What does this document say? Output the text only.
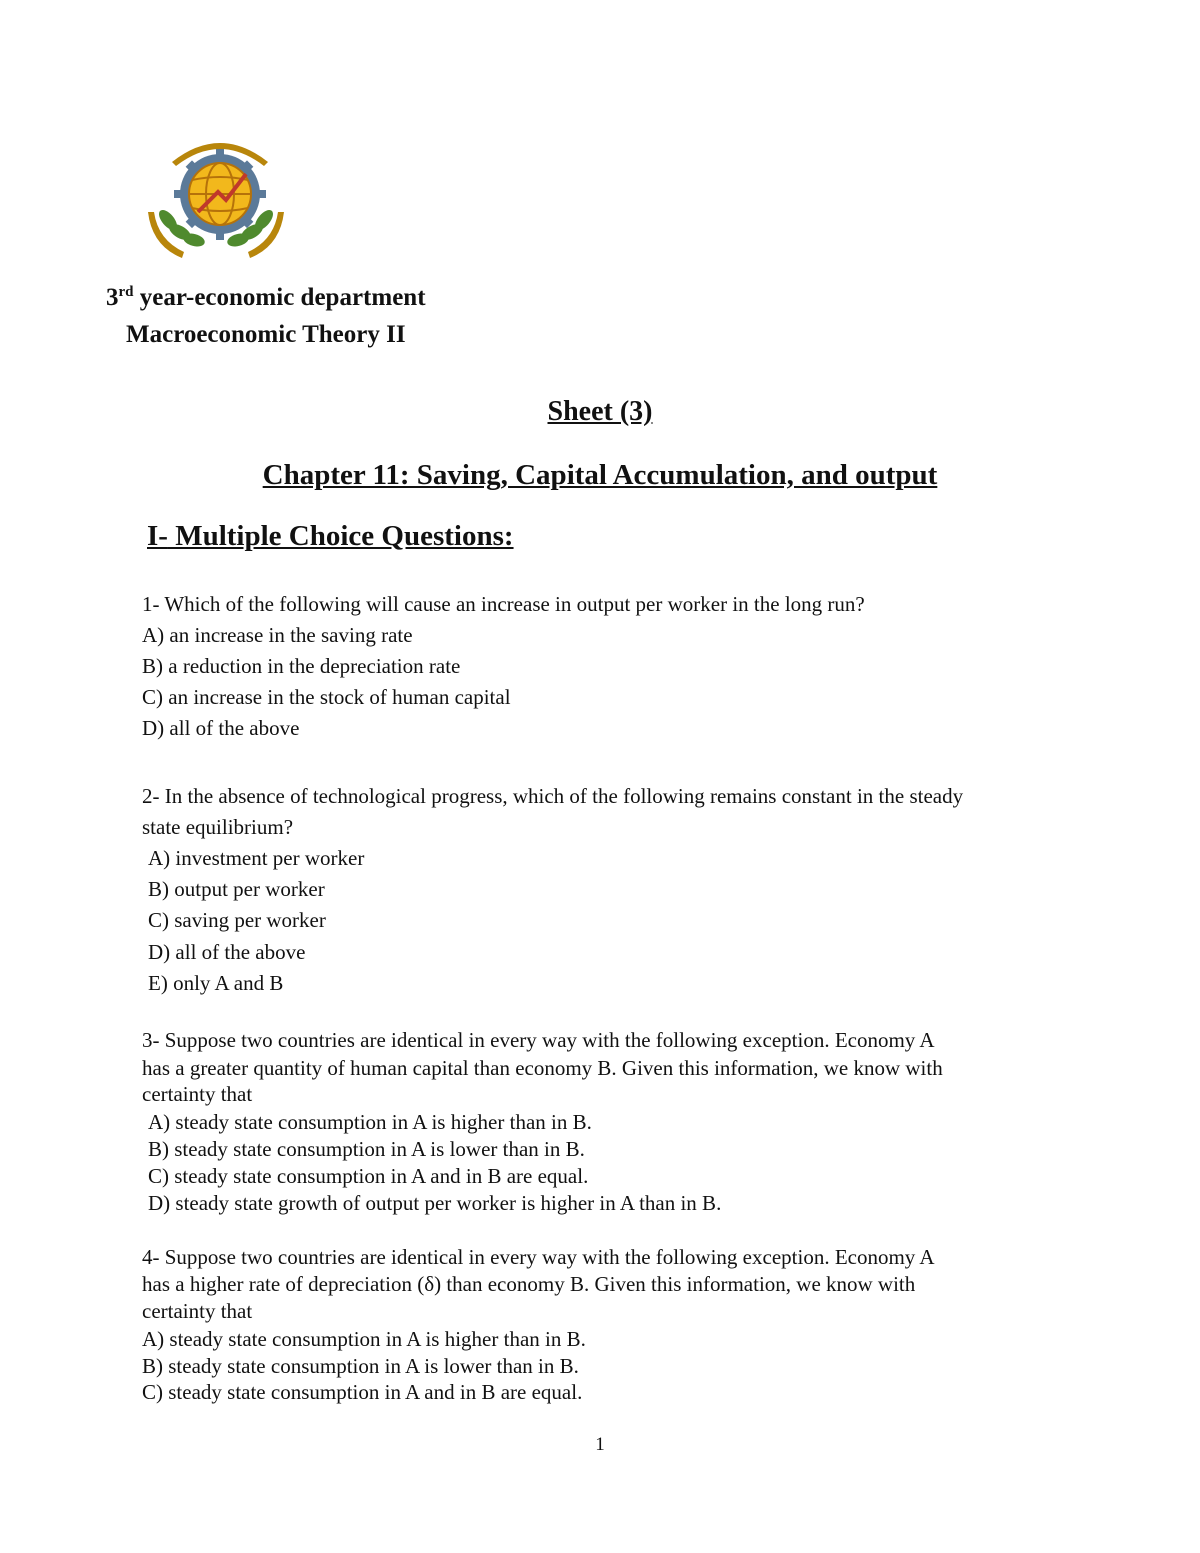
3rd year-economic department
Macroeconomic Theory II
Sheet (3)
Chapter 11: Saving, Capital Accumulation, and output
I- Multiple Choice Questions:
1- Which of the following will cause an increase in output per worker in the long run?
A) an increase in the saving rate
B) a reduction in the depreciation rate
C) an increase in the stock of human capital
D) all of the above
2- In the absence of technological progress, which of the following remains constant in the steady
state equilibrium?
A) investment per worker
B) output per worker
C) saving per worker
D) all of the above
E) only A and B
3- Suppose two countries are identical in every way with the following exception. Economy A
has a greater quantity of human capital than economy B. Given this information, we know with
certainty that
A) steady state consumption in A is higher than in B.
B) steady state consumption in A is lower than in B.
C) steady state consumption in A and in B are equal.
D) steady state growth of output per worker is higher in A than in B.
4- Suppose two countries are identical in every way with the following exception. Economy A
has a higher rate of depreciation (δ) than economy B. Given this information, we know with
certainty that
A) steady state consumption in A is higher than in B.
B) steady state consumption in A is lower than in B.
C) steady state consumption in A and in B are equal.
1
